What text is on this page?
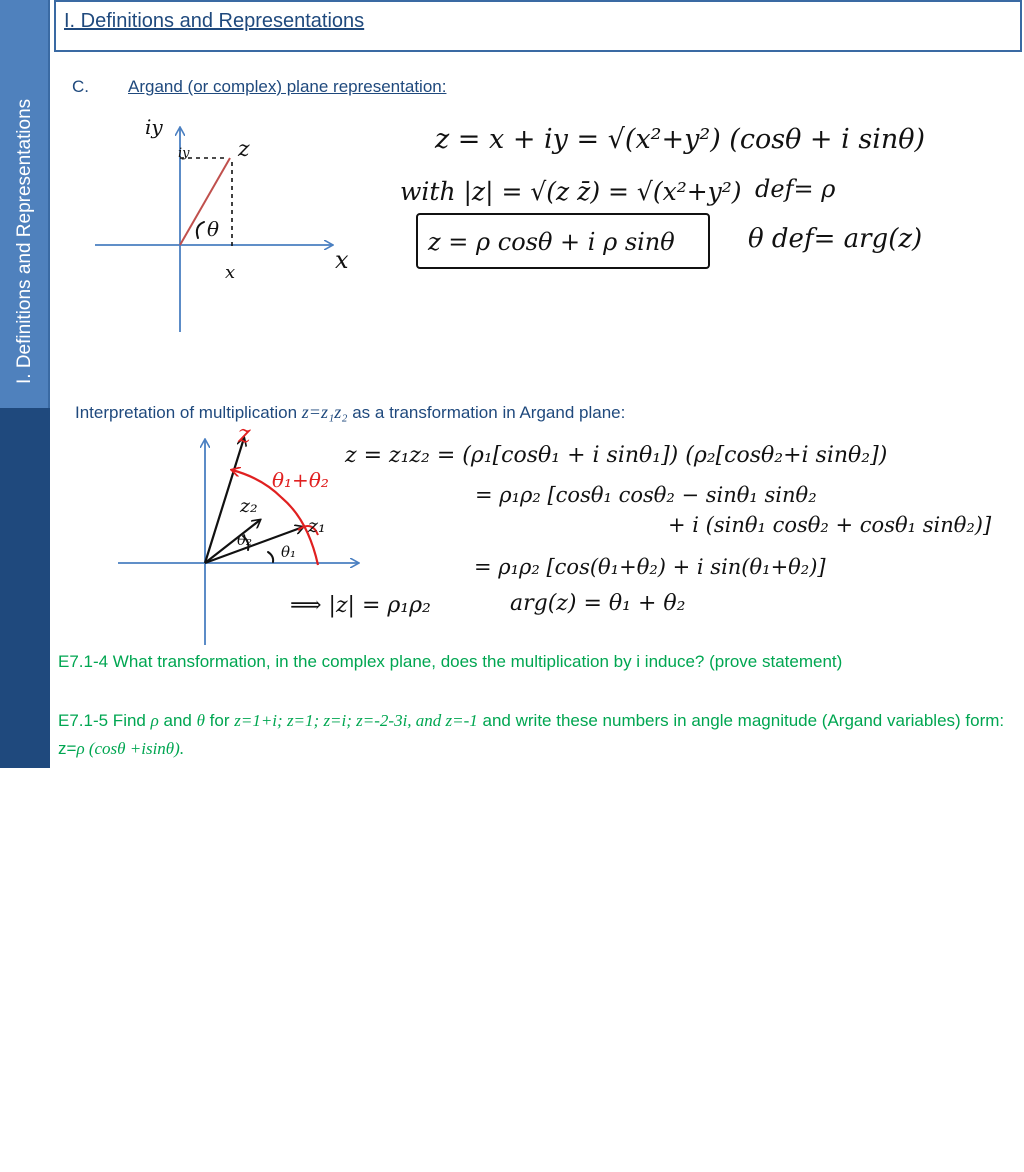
I. Definitions and Representations
PHY 301: MATH AND NUM TECH
I. Definitions and Representations
C. Argand (or complex) plane representation:
Interpretation of multiplication z=z₁z₂ as a transformation in Argand plane:
iy
iy z
θ
x	x
z = x + iy = √(x²+y²) (cosθ + i sinθ)
with |z| = √(z z̄) = √(x²+y²) def= ρ
z = ρ cosθ + i ρ sinθ	θ def= arg(z)
z
θ₁+θ₂
z₂
z₁
θ₂
θ₁
z = z₁z₂ = (ρ₁[cosθ₁ + i sinθ₁]) (ρ₂[cosθ₂+i sinθ₂])
= ρ₁ρ₂ [cosθ₁ cosθ₂ − sinθ₁ sinθ₂
+ i (sinθ₁ cosθ₂ + cosθ₁ sinθ₂)]
= ρ₁ρ₂ [cos(θ₁+θ₂) + i sin(θ₁+θ₂)]
⟹ |z| = ρ₁ρ₂	arg(z) = θ₁ + θ₂
E7.1-4 What transformation, in the complex plane, does the multiplication by i induce? (prove statement)
E7.1-5 Find ρ and θ for z=1+i; z=1; z=i; z=-2-3i, and z=-1 and write these numbers in angle magnitude (Argand variables) form: z=ρ (cosθ +isinθ).
